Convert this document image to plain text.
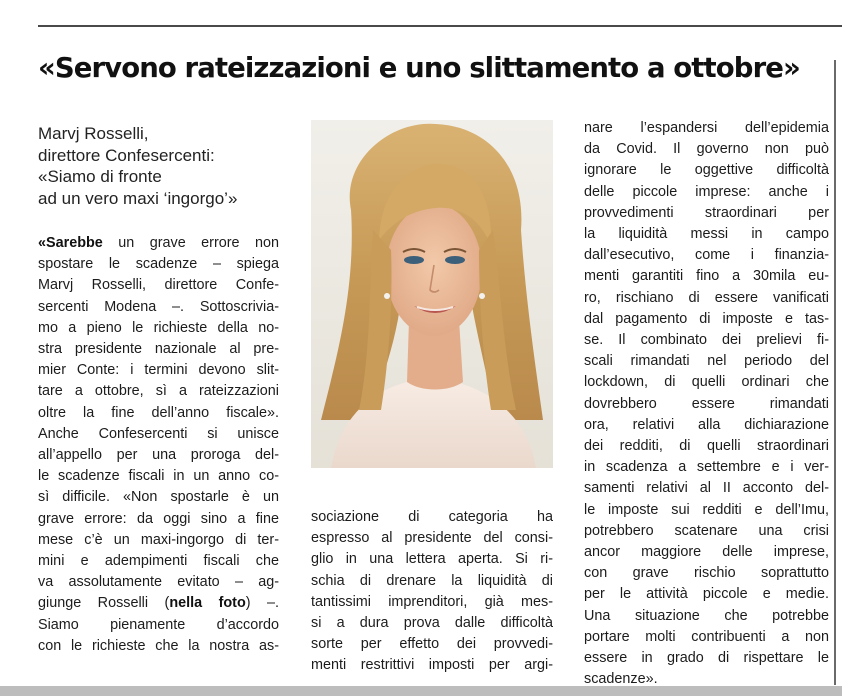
«Servono rateizzazioni e uno slittamento a ottobre»
Marvj Rosselli,
direttore Confesercenti:
«Siamo di fronte
ad un vero maxi ‘ingorgo’»
«Sarebbe un grave errore non
spostare le scadenze – spiega
Marvj Rosselli, direttore Confe-
sercenti Modena –. Sottoscrivia-
mo a pieno le richieste della no-
stra presidente nazionale al pre-
mier Conte: i termini devono slit-
tare a ottobre, sì a rateizzazioni
oltre la fine dell’anno fiscale».
Anche Confesercenti si unisce
all’appello per una proroga del-
le scadenze fiscali in un anno co-
sì difficile. «Non spostarle è un
grave errore: da oggi sino a fine
mese c’è un maxi-ingorgo di ter-
mini e adempimenti fiscali che
va assolutamente evitato – ag-
giunge Rosselli (nella foto) –.
Siamo pienamente d’accordo
con le richieste che la nostra as-
sociazione di categoria ha
espresso al presidente del consi-
glio in una lettera aperta. Si ri-
schia di drenare la liquidità di
tantissimi imprenditori, già mes-
si a dura prova dalle difficoltà
sorte per effetto dei provvedi-
menti restrittivi imposti per argi-
nare l’espandersi dell’epidemia
da Covid. Il governo non può
ignorare le oggettive difficoltà
delle piccole imprese: anche i
provvedimenti straordinari per
la liquidità messi in campo
dall’esecutivo, come i finanzia-
menti garantiti fino a 30mila eu-
ro, rischiano di essere vanificati
dal pagamento di imposte e tas-
se. Il combinato dei prelievi fi-
scali rimandati nel periodo del
lockdown, di quelli ordinari che
dovrebbero essere rimandati
ora, relativi alla dichiarazione
dei redditi, di quelli straordinari
in scadenza a settembre e i ver-
samenti relativi al II acconto del-
le imposte sui redditi e dell’Imu,
potrebbero scatenare una crisi
ancor maggiore delle imprese,
con grave rischio soprattutto
per le attività piccole e medie.
Una situazione che potrebbe
portare molti contribuenti a non
essere in grado di rispettare le
scadenze».
